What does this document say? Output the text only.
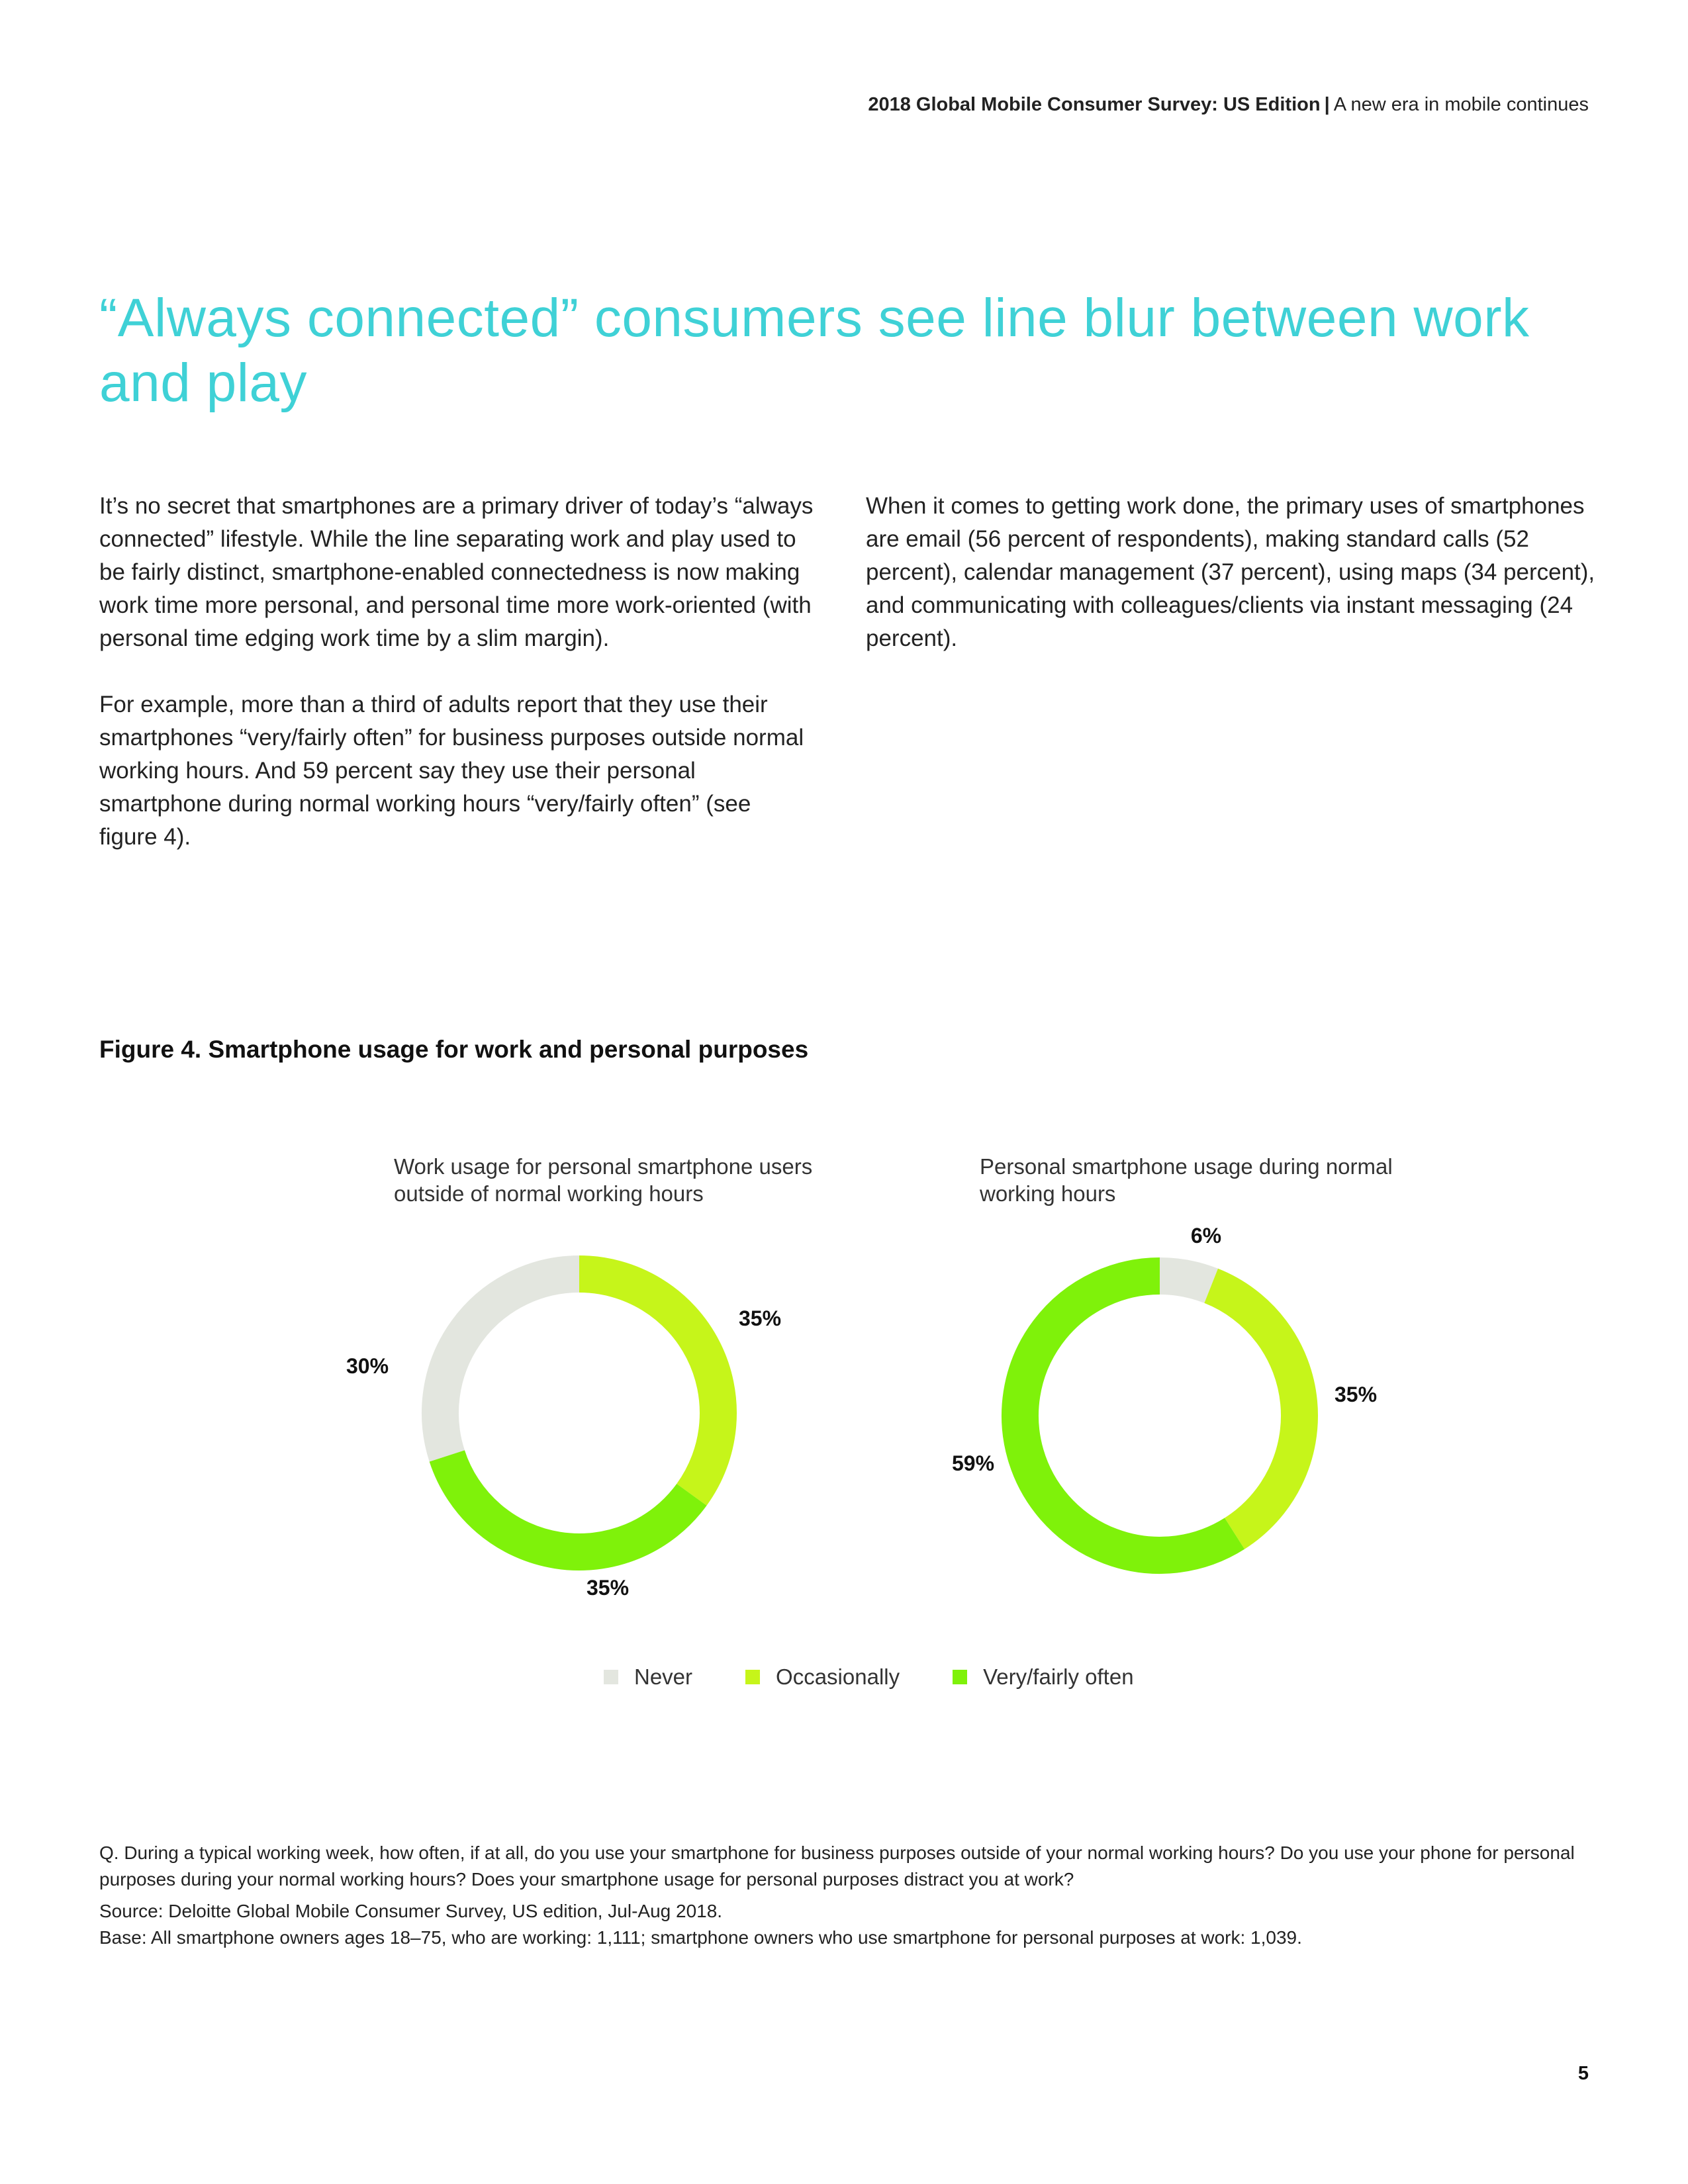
2018 Global Mobile Consumer Survey: US Edition | A new era in mobile continues
“Always connected” consumers see line blur between work and play

It’s no secret that smartphones are a primary driver of today’s “always connected” lifestyle. While the line separating work and play used to be fairly distinct, smartphone-enabled connectedness is now making work time more personal, and personal time more work-oriented (with personal time edging work time by a slim margin).

For example, more than a third of adults report that they use their smartphones “very/fairly often” for business purposes outside normal working hours. And 59 percent say they use their personal smartphone during normal working hours “very/fairly often” (see figure 4).

When it comes to getting work done, the primary uses of smartphones are email (56 percent of respondents), making standard calls (52 percent), calendar management (37 percent), using maps (34 percent), and communicating with colleagues/clients via instant messaging (24 percent).

Figure 4. Smartphone usage for work and personal purposes
Work usage for personal smartphone users outside of normal working hours
Personal smartphone usage during normal working hours
30%
35%
35%
6%
35%
59%
Never	Occasionally	Very/fairly often

Q. During a typical working week, how often, if at all, do you use your smartphone for business purposes outside of your normal working hours? Do you use your phone for personal purposes during your normal working hours? Does your smartphone usage for personal purposes distract you at work?

Source: Deloitte Global Mobile Consumer Survey, US edition, Jul-Aug 2018.

Base: All smartphone owners ages 18–75, who are working: 1,111; smartphone owners who use smartphone for personal purposes at work: 1,039.

5
